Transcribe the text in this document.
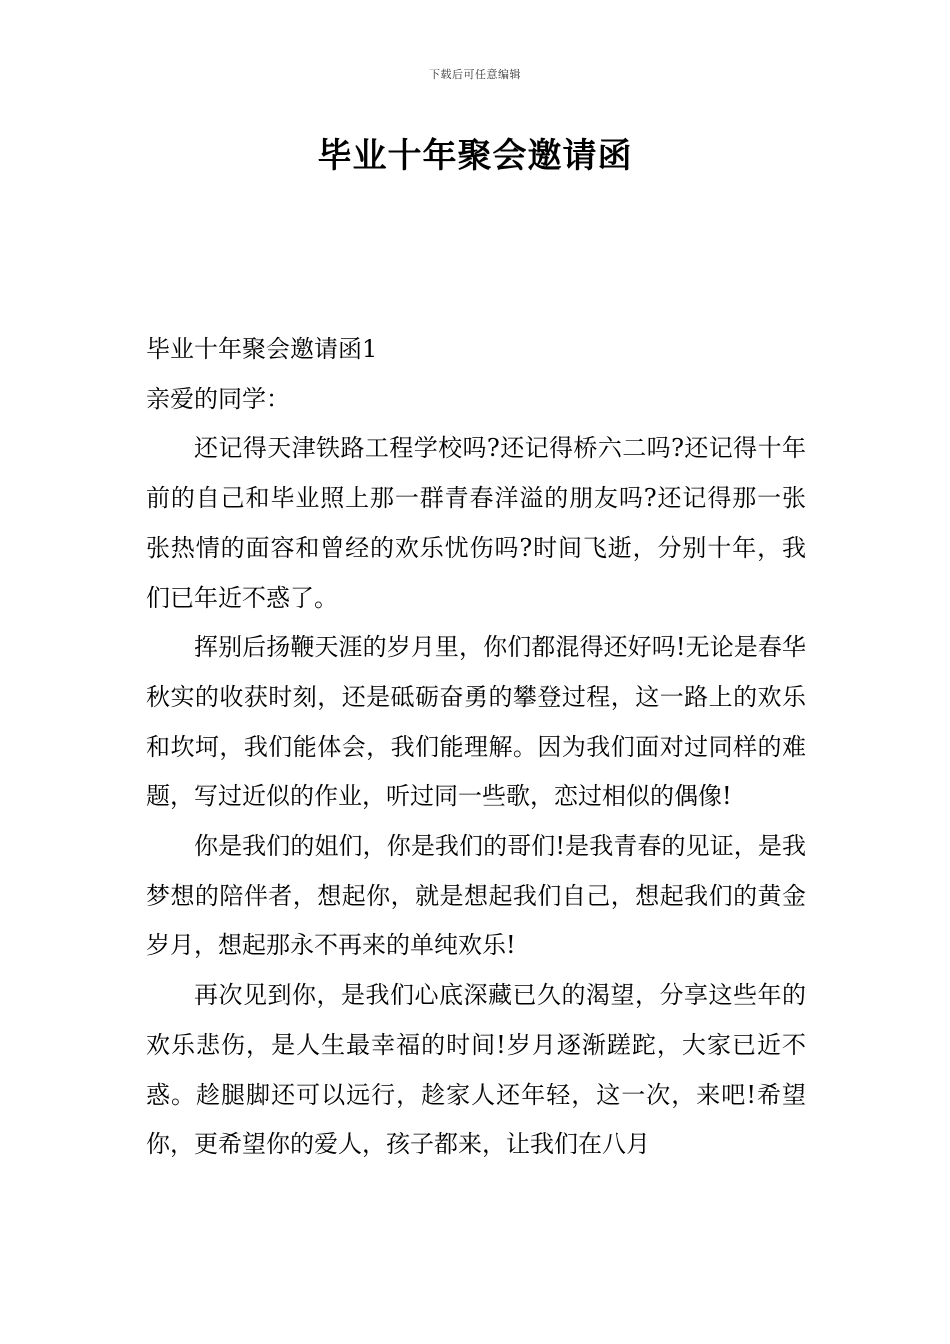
下载后可任意编辑
毕业十年聚会邀请函

毕业十年聚会邀请函1

亲爱的同学：

还记得天津铁路工程学校吗?还记得桥六二吗?还记得十年前的自己和毕业照上那一群青春洋溢的朋友吗?还记得那一张张热情的面容和曾经的欢乐忧伤吗?时间飞逝，分别十年，我们已年近不惑了。

挥别后扬鞭天涯的岁月里，你们都混得还好吗!无论是春华秋实的收获时刻，还是砥砺奋勇的攀登过程，这一路上的欢乐和坎坷，我们能体会，我们能理解。因为我们面对过同样的难题，写过近似的作业，听过同一些歌，恋过相似的偶像!

你是我们的姐们，你是我们的哥们!是我青春的见证，是我梦想的陪伴者，想起你，就是想起我们自己，想起我们的黄金岁月，想起那永不再来的单纯欢乐!

再次见到你，是我们心底深藏已久的渴望，分享这些年的欢乐悲伤，是人生最幸福的时间!岁月逐渐蹉跎，大家已近不惑。趁腿脚还可以远行，趁家人还年轻，这一次，来吧!希望你，更希望你的爱人，孩子都来，让我们在八月
